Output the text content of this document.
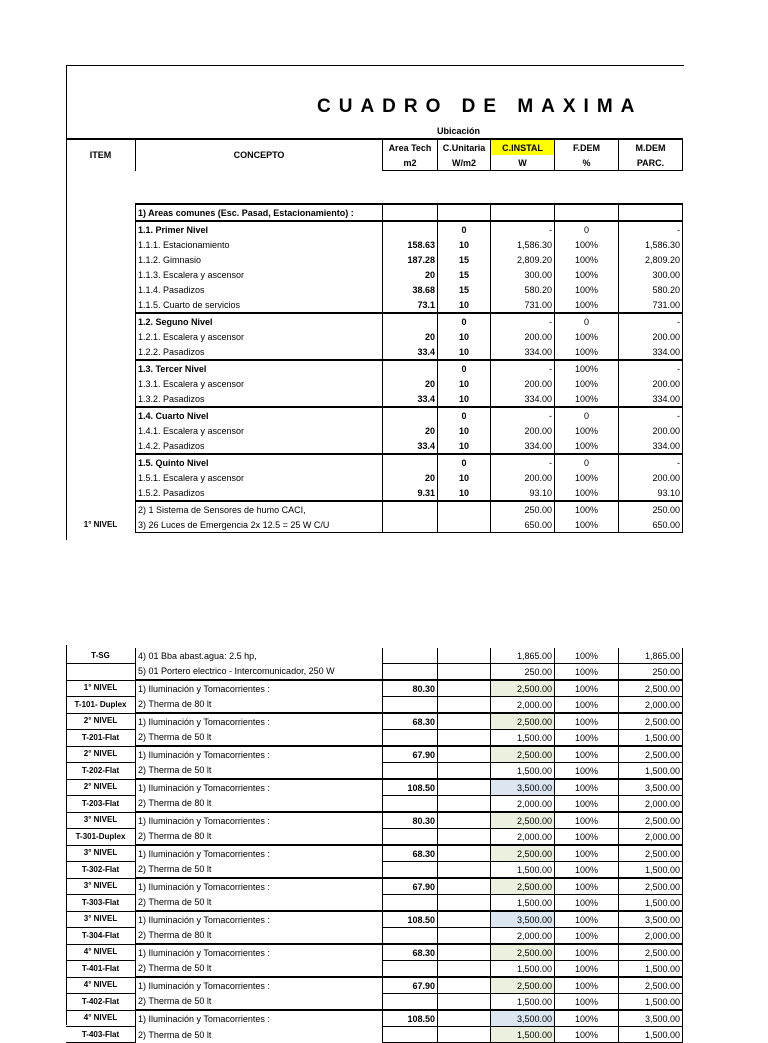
CUADRO DE MAXIMA
Ubicación
ITEM	CONCEPTO	Area Tech	C.Unitaria	C.INSTAL	F.DEM	M.DEM
		m2	W/m2	W	%	PARC.
	1) Areas comunes (Esc. Pasad, Estacionamiento) :					
	1.1. Primer Nivel		0	-	0	-
	1.1.1. Estacionamiento	158.63	10	1,586.30	100%	1,586.30
	1.1.2. Gimnasio	187.28	15	2,809.20	100%	2,809.20
	1.1.3. Escalera y ascensor	20	15	300.00	100%	300.00
	1.1.4. Pasadizos	38.68	15	580.20	100%	580.20
	1.1.5. Cuarto de servicios	73.1	10	731.00	100%	731.00
	1.2. Seguno Nivel		0	-	0	-
	1.2.1. Escalera y ascensor	20	10	200.00	100%	200.00
	1.2.2. Pasadizos	33.4	10	334.00	100%	334.00
	1.3. Tercer Nivel		0	-	100%	-
	1.3.1. Escalera y ascensor	20	10	200.00	100%	200.00
	1.3.2. Pasadizos	33.4	10	334.00	100%	334.00
	1.4. Cuarto Nivel		0	-	0	-
	1.4.1. Escalera y ascensor	20	10	200.00	100%	200.00
	1.4.2. Pasadizos	33.4	10	334.00	100%	334.00
	1.5. Quinto Nivel		0	-	0	-
	1.5.1. Escalera y ascensor	20	10	200.00	100%	200.00
	1.5.2. Pasadizos	9.31	10	93.10	100%	93.10
	2) 1 Sistema de Sensores de humo CACI,			250.00	100%	250.00
1° NIVEL	3) 26 Luces de Emergencia 2x 12.5 = 25 W C/U			650.00	100%	650.00
T-SG	4) 01 Bba abast.agua: 2.5 hp,			1,865.00	100%	1,865.00
	5) 01 Portero electrico - Intercomunicador, 250 W			250.00	100%	250.00
1° NIVEL	1) Iluminación y Tomacorrientes :	80.30		2,500.00	100%	2,500.00
T-101- Duplex	2) Therma de 80 lt			2,000.00	100%	2,000.00
2° NIVEL	1) Iluminación y Tomacorrientes :	68.30		2,500.00	100%	2,500.00
T-201-Flat	2) Therma de 50 lt			1,500.00	100%	1,500.00
2° NIVEL	1) Iluminación y Tomacorrientes :	67.90		2,500.00	100%	2,500.00
T-202-Flat	2) Therma de 50 lt			1,500.00	100%	1,500.00
2° NIVEL	1) Iluminación y Tomacorrientes :	108.50		3,500.00	100%	3,500.00
T-203-Flat	2) Therma de 80 lt			2,000.00	100%	2,000.00
3° NIVEL	1) Iluminación y Tomacorrientes :	80.30		2,500.00	100%	2,500.00
T-301-Duplex	2) Therma de 80 lt			2,000.00	100%	2,000.00
3° NIVEL	1) Iluminación y Tomacorrientes :	68.30		2,500.00	100%	2,500.00
T-302-Flat	2) Therma de 50 lt			1,500.00	100%	1,500.00
3° NIVEL	1) Iluminación y Tomacorrientes :	67.90		2,500.00	100%	2,500.00
T-303-Flat	2) Therma de 50 lt			1,500.00	100%	1,500.00
3° NIVEL	1) Iluminación y Tomacorrientes :	108.50		3,500.00	100%	3,500.00
T-304-Flat	2) Therma de 80 lt			2,000.00	100%	2,000.00
4° NIVEL	1) Iluminación y Tomacorrientes :	68.30		2,500.00	100%	2,500.00
T-401-Flat	2) Therma de 50 lt			1,500.00	100%	1,500.00
4° NIVEL	1) Iluminación y Tomacorrientes :	67.90		2,500.00	100%	2,500.00
T-402-Flat	2) Therma de 50 lt			1,500.00	100%	1,500.00
4° NIVEL	1) Iluminación y Tomacorrientes :	108.50		3,500.00	100%	3,500.00
T-403-Flat	2) Therma de 50 lt			1,500.00	100%	1,500.00
